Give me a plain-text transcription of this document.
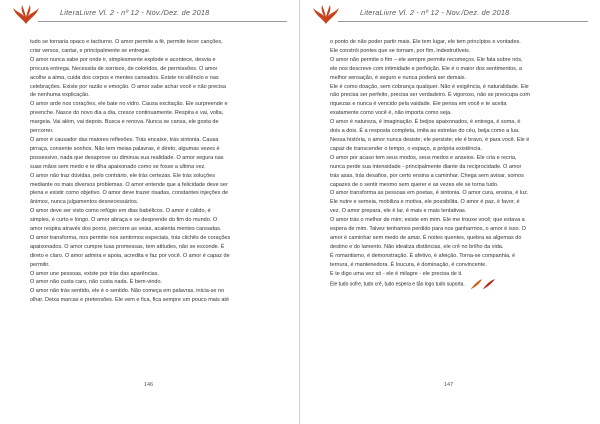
LiteraLivre Vl. 2 - nº 12 - Nov./Dez. de 2018

tudo se tornaria opaco e taciturno. O amor permite a fé, permite tecer canções,

criar versos, cantar, e principalmente se entregar.

O amor nunca sabe por onde ir, simplesmente explode e acontece, desvia e

procura entrega. Necessita de sorrisos, de coloridos, de permissões. O amor

acolhe a alma, cuida dos corpos e mentes cansados. Existe no silêncio e nas

celebrações. Existe por razão e emoção. O amor sabe achar você e não precisa

de nenhuma explicação.

O amor arde nos corações, ele bate no vidro. Causa excitação. Ele surpreende e

preenche. Nasce do novo dia a dia, cresce continuamente. Respira e vai, volta,

margeia. Vai além, vai depois. Busca e renova. Nunca se cansa, ele gosta de

percorrer.

O amor é causador das maiores reflexões. Trás encaixe, trás sintonia. Causa

pirraça, consente sonhos. Não tem meias palavras, é direto, algumas vezes é

possessivo, nada que desaprove ou diminua sua realidade. O amor segura nas

suas mãos sem medo e te diha apaixonado como se fosse a ultima vez.

O amor não traz dúvidas, pelo contrário, ele trás certezas. Ele trás soluções

mediante os mais diversos problemas. O amor entende que a felicidade deve ser

plena e existir como objetivo. O amor deve trazer risadas, constantes injeções de

ânimos, nunca julgamentos desnecessários.

O amor deve ser visto como refúgio em dias babélicos. O amor é cálido, é

simples, é curto e longo. O amor abraça e se desprende do fim do mundo. O

amor respira através dos poros, percorre as veias, acalenta mentes cansadas.

O amor transforma, nos permite nos sentirmos especiais, trás clichês de corações

apaixonados. O amor cumpre tuas promessas, tem atitudes, não se esconde. É

direto e claro. O amor admira e apoia, acredita e faz por você. O amor é capaz de

permitir.

O amor une pessoas, existe por trás das aparências.

O amor não custa caro, não custa nada. É bem-vindo.

O amor não trás sentido, ele é o sentido. Não começa em palavras, inicia-se no

olhar. Deixa marcas e pretensões. Ele vem e fica, fica sempre um pouco mais até

146
LiteraLivre Vl. 2 - nº 12 - Nov./Dez. de 2018

o ponto de não poder partir mais. Ele tem lugar, ele tem princípios e vontades.

Ele constrói pontes que se tornam, por fim, indestrutíveis.

O amor não permite o fim – ele sempre permite recomeços. Ele fala sobre nós,

ele nos descreve com intimidade e perfeição. Ele é o maior dos sentimentos, a

melhor sensação, é seguro e nunca poderá ser demais.

Ele é como doação, sem cobrança qualquer. Não é exigência, é naturalidade. Ele

não precisa ser perfeito, precisa ser verdadeiro. É vigoroso, não se preocupa com

riquezas e nunca é vencido pela vaidade. Ele pensa em você e te aceita

exatamente como você é, não importa como seja.

O amor é natureza, é imaginação. É beijos apaixonados, é entrega, é soma, é

dois a dois. É a resposta completa, imita as estrelas do céu, beija como a lua.

Nessa história, o amor nunca desiste; ele persiste; ele é bravo, é para você. Ele é

capaz de transcender o tempo, o espaço, a própria existência.

O amor por acaso tem seus modos, seus medos e anseios. Ele cria e recria,

nunca perde sua intensidade - principalmente diante da reciprocidade. O amor

trás asas, trás desafios, por certo ensina a caminhar. Chega sem avisar, somos

capazes de o sentir mesmo sem querer e as vezes ele se torna tudo.

O amor transforma as pessoas em poetas, é sintonia. O amor cura, ensina, é luz.

Ele nutre e semeia, mobiliza e motiva, ele possibilita. O amor é paz, é favor, é

vez. O amor prepara, ele é lar, é mais e mais tentativas.

O amor trás o melhor de mim; existe em mim. Ele me trouxe você; que estava a

espera de mim. Talvez tenhamos perdido para nos ganharmos, o amor é isso. O

amor é caminhar sem medo de amar. É noites quentes, quebra as algemas do

destino e do lamento. Não idealiza distâncias, ele crê no brilho da vida.

É romantismo, é demonstração. É afetivo, é afeição. Torna-se companhia, é

ternura, é mantenedora. É loucura, é dominação, é convincente.

E te digo uma vez só - ele é milagre - ele precisa de ti.

Ele tudo sofre, tudo crê, tudo espera e tão logo tudo suporta.

147
